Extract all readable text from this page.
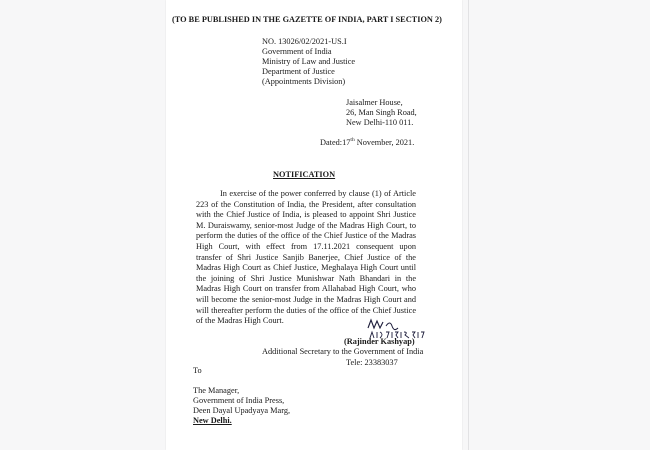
(TO BE PUBLISHED IN THE GAZETTE OF INDIA, PART I SECTION 2)
NO. 13026/02/2021-US.I
Government of India
Ministry of Law and Justice
Department of Justice
(Appointments Division)
Jaisalmer House,
26, Man Singh Road,
New Delhi-110 011.
Dated:17th November, 2021.
NOTIFICATION
In exercise of the power conferred by clause (1) of Article 223 of the Constitution of India, the President, after consultation with the Chief Justice of India, is pleased to appoint Shri Justice M. Duraiswamy, senior-most Judge of the Madras High Court, to perform the duties of the office of the Chief Justice of the Madras High Court, with effect from 17.11.2021 consequent upon transfer of Shri Justice Sanjib Banerjee, Chief Justice of the Madras High Court as Chief Justice, Meghalaya High Court until the joining of Shri Justice Munishwar Nath Bhandari in the Madras High Court on transfer from Allahabad High Court, who will become the senior-most Judge in the Madras High Court and will thereafter perform the duties of the office of the Chief Justice of the Madras High Court.
(Rajinder Kashyap)
Additional Secretary to the Government of India
Tele: 23383037
To
The Manager,
Government of India Press,
Deen Dayal Upadyaya Marg,
New Delhi.
